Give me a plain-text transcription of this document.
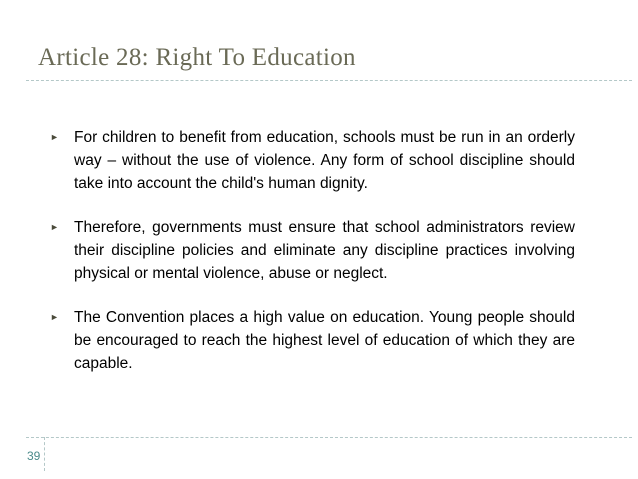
Article 28: Right To Education
► For children to benefit from education, schools must be run in an orderly way – without the use of violence. Any form of school discipline should take into account the child's human dignity.
► Therefore, governments must ensure that school administrators review their discipline policies and eliminate any discipline practices involving physical or mental violence, abuse or neglect.
► The Convention places a high value on education. Young people should be encouraged to reach the highest level of education of which they are capable.
39
